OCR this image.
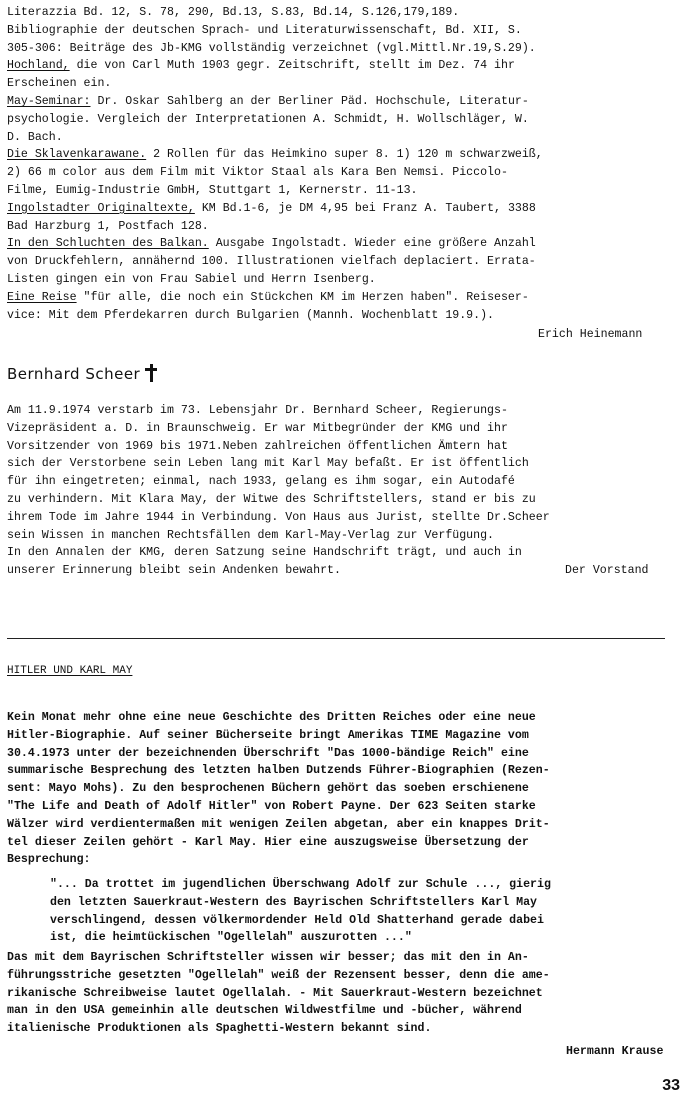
Literazzia Bd. 12, S. 78, 290, Bd.13, S.83, Bd.14, S.126,179,189.
Bibliographie der deutschen Sprach- und Literaturwissenschaft, Bd. XII, S.
305-306: Beiträge des Jb-KMG vollständig verzeichnet (vgl.Mittl.Nr.19,S.29).
Hochland, die von Carl Muth 1903 gegr. Zeitschrift, stellt im Dez. 74 ihr
Erscheinen ein.
May-Seminar: Dr. Oskar Sahlberg an der Berliner Päd. Hochschule, Literatur-
psychologie. Vergleich der Interpretationen A. Schmidt, H. Wollschläger, W.
D. Bach.
Die Sklavenkarawane. 2 Rollen für das Heimkino super 8. 1) 120 m schwarzweiß,
2) 66 m color aus dem Film mit Viktor Staal als Kara Ben Nemsi. Piccolo-
Filme, Eumig-Industrie GmbH, Stuttgart 1, Kernerstr. 11-13.
Ingolstadter Originaltexte, KM Bd.1-6, je DM 4,95 bei Franz A. Taubert, 3388
Bad Harzburg 1, Postfach 128.
In den Schluchten des Balkan. Ausgabe Ingolstadt. Wieder eine größere Anzahl
von Druckfehlern, annähernd 100. Illustrationen vielfach deplaciert. Errata-
Listen gingen ein von Frau Sabiel und Herrn Isenberg.
Eine Reise "für alle, die noch ein Stückchen KM im Herzen haben". Reiseser-
vice: Mit dem Pferdekarren durch Bulgarien (Mannh. Wochenblatt 19.9.).
Erich Heinemann
Bernhard Scheer
Am 11.9.1974 verstarb im 73. Lebensjahr Dr. Bernhard Scheer, Regierungs-
Vizepräsident a. D. in Braunschweig. Er war Mitbegründer der KMG und ihr
Vorsitzender von 1969 bis 1971.Neben zahlreichen öffentlichen Ämtern hat
sich der Verstorbene sein Leben lang mit Karl May befaßt. Er ist öffentlich
für ihn eingetreten; einmal, nach 1933, gelang es ihm sogar, ein Autodafé
zu verhindern. Mit Klara May, der Witwe des Schriftstellers, stand er bis zu
ihrem Tode im Jahre 1944 in Verbindung. Von Haus aus Jurist, stellte Dr.Scheer
sein Wissen in manchen Rechtsfällen dem Karl-May-Verlag zur Verfügung.
In den Annalen der KMG, deren Satzung seine Handschrift trägt, und auch in
unserer Erinnerung bleibt sein Andenken bewahrt.	Der Vorstand
HITLER UND KARL MAY
Kein Monat mehr ohne eine neue Geschichte des Dritten Reiches oder eine neue
Hitler-Biographie. Auf seiner Bücherseite bringt Amerikas TIME Magazine vom
30.4.1973 unter der bezeichnenden Überschrift "Das 1000-bändige Reich" eine
summarische Besprechung des letzten halben Dutzends Führer-Biographien (Rezen-
sent: Mayo Mohs). Zu den besprochenen Büchern gehört das soeben erschienene
"The Life and Death of Adolf Hitler" von Robert Payne. Der 623 Seiten starke
Wälzer wird verdientermaßen mit wenigen Zeilen abgetan, aber ein knappes Drit-
tel dieser Zeilen gehört - Karl May. Hier eine auszugsweise Übersetzung der
Besprechung:
"... Da trottet im jugendlichen Überschwang Adolf zur Schule ..., gierig
den letzten Sauerkraut-Western des Bayrischen Schriftstellers Karl May
verschlingend, dessen völkermordender Held Old Shatterhand gerade dabei
ist, die heimtückischen "Ogellelah" auszurotten ..."
Das mit dem Bayrischen Schriftsteller wissen wir besser; das mit den in An-
führungsstriche gesetzten "Ogellelah" weiß der Rezensent besser, denn die ame-
rikanische Schreibweise lautet Ogellalah. - Mit Sauerkraut-Western bezeichnet
man in den USA gemeinhin alle deutschen Wildwestfilme und -bücher, während
italienische Produktionen als Spaghetti-Western bekannt sind.
Hermann Krause
33
